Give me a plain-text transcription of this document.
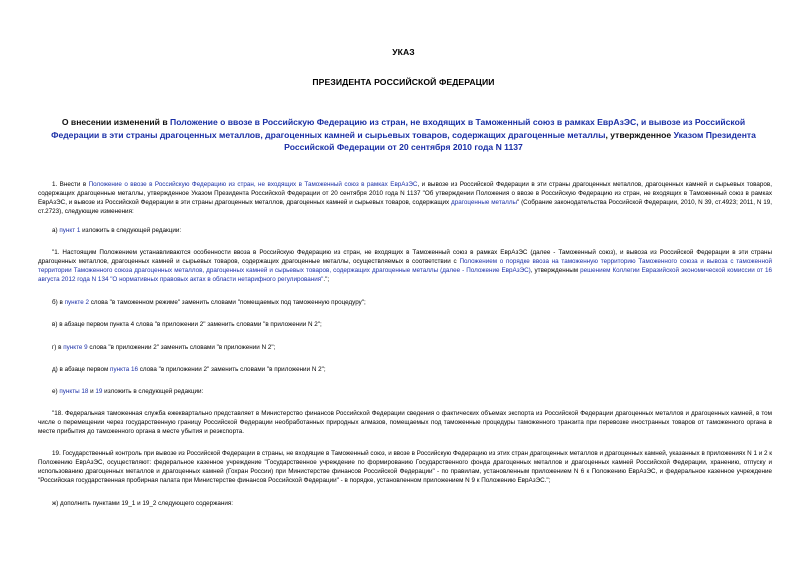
УКАЗ
ПРЕЗИДЕНТА РОССИЙСКОЙ ФЕДЕРАЦИИ
О внесении изменений в Положение о ввозе в Российскую Федерацию из стран, не входящих в Таможенный союз в рамках ЕврАзЭС, и вывозе из Российской Федерации в эти страны драгоценных металлов, драгоценных камней и сырьевых товаров, содержащих драгоценные металлы, утвержденное Указом Президента Российской Федерации от 20 сентября 2010 года N 1137
1. Внести в Положение о ввозе в Российскую Федерацию из стран, не входящих в Таможенный союз в рамках ЕврАзЭС, и вывозе из Российской Федерации в эти страны драгоценных металлов, драгоценных камней и сырьевых товаров, содержащих драгоценные металлы, утвержденное Указом Президента Российской Федерации от 20 сентября 2010 года N 1137 "Об утверждении Положения о ввозе в Российскую Федерацию из стран, не входящих в Таможенный союз в рамках ЕврАзЭС, и вывозе из Российской Федерации в эти страны драгоценных металлов, драгоценных камней и сырьевых товаров, содержащих драгоценные металлы" (Собрание законодательства Российской Федерации, 2010, N 39, ст.4923; 2011, N 19, ст.2723), следующие изменения:
а) пункт 1 изложить в следующей редакции:
"1. Настоящим Положением устанавливаются особенности ввоза в Российскую Федерацию из стран, не входящих в Таможенный союз в рамках ЕврАзЭС (далее - Таможенный союз), и вывоза из Российской Федерации в эти страны драгоценных металлов, драгоценных камней и сырьевых товаров, содержащих драгоценные металлы, осуществляемых в соответствии с Положением о порядке ввоза на таможенную территорию Таможенного союза и вывоза с таможенной территории Таможенного союза драгоценных металлов, драгоценных камней и сырьевых товаров, содержащих драгоценные металлы (далее - Положение ЕврАзЭС), утвержденным решением Коллегии Евразийской экономической комиссии от 16 августа 2012 года N 134 "О нормативных правовых актах в области нетарифного регулирования".";
б) в пункте 2 слова "в таможенном режиме" заменить словами "помещаемых под таможенную процедуру";
в) в абзаце первом пункта 4 слова "в приложении 2" заменить словами "в приложении N 2";
г) в пункте 9 слова "в приложении 2" заменить словами "в приложении N 2";
д) в абзаце первом пункта 16 слова "в приложении 2" заменить словами "в приложении N 2";
е) пункты 18 и 19 изложить в следующей редакции:
"18. Федеральная таможенная служба ежеквартально представляет в Министерство финансов Российской Федерации сведения о фактических объемах экспорта из Российской Федерации драгоценных металлов и драгоценных камней, в том числе о перемещении через государственную границу Российской Федерации необработанных природных алмазов, помещаемых под таможенные процедуры таможенного транзита при перевозке иностранных товаров от таможенного органа в месте прибытия до таможенного органа в месте убытия и реэкспорта.
19. Государственный контроль при вывозе из Российской Федерации в страны, не входящие в Таможенный союз, и ввозе в Российскую Федерацию из этих стран драгоценных металлов и драгоценных камней, указанных в приложениях N 1 и 2 к Положению ЕврАзЭС, осуществляют: федеральное казенное учреждение "Государственное учреждение по формированию Государственного фонда драгоценных металлов и драгоценных камней Российской Федерации, хранению, отпуску и использованию драгоценных металлов и драгоценных камней (Гохран России) при Министерстве финансов Российской Федерации" - по правилам, установленным приложением N 6 к Положению ЕврАзЭС, и федеральное казенное учреждение "Российская государственная пробирная палата при Министерстве финансов Российской Федерации" - в порядке, установленном приложением N 9 к Положению ЕврАзЭС.";
ж) дополнить пунктами 19_1 и 19_2 следующего содержания:
